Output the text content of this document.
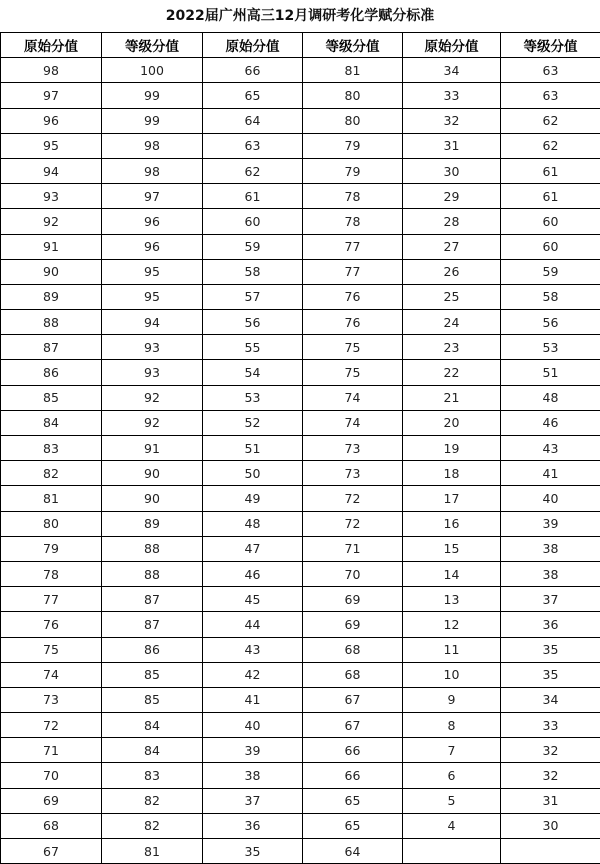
2022届广州高三12月调研考化学赋分标准
原始分值	等级分值	原始分值	等级分值	原始分值	等级分值
98	100	66	81	34	63
97	99	65	80	33	63
96	99	64	80	32	62
95	98	63	79	31	62
94	98	62	79	30	61
93	97	61	78	29	61
92	96	60	78	28	60
91	96	59	77	27	60
90	95	58	77	26	59
89	95	57	76	25	58
88	94	56	76	24	56
87	93	55	75	23	53
86	93	54	75	22	51
85	92	53	74	21	48
84	92	52	74	20	46
83	91	51	73	19	43
82	90	50	73	18	41
81	90	49	72	17	40
80	89	48	72	16	39
79	88	47	71	15	38
78	88	46	70	14	38
77	87	45	69	13	37
76	87	44	69	12	36
75	86	43	68	11	35
74	85	42	68	10	35
73	85	41	67	9	34
72	84	40	67	8	33
71	84	39	66	7	32
70	83	38	66	6	32
69	82	37	65	5	31
68	82	36	65	4	30
67	81	35	64		
